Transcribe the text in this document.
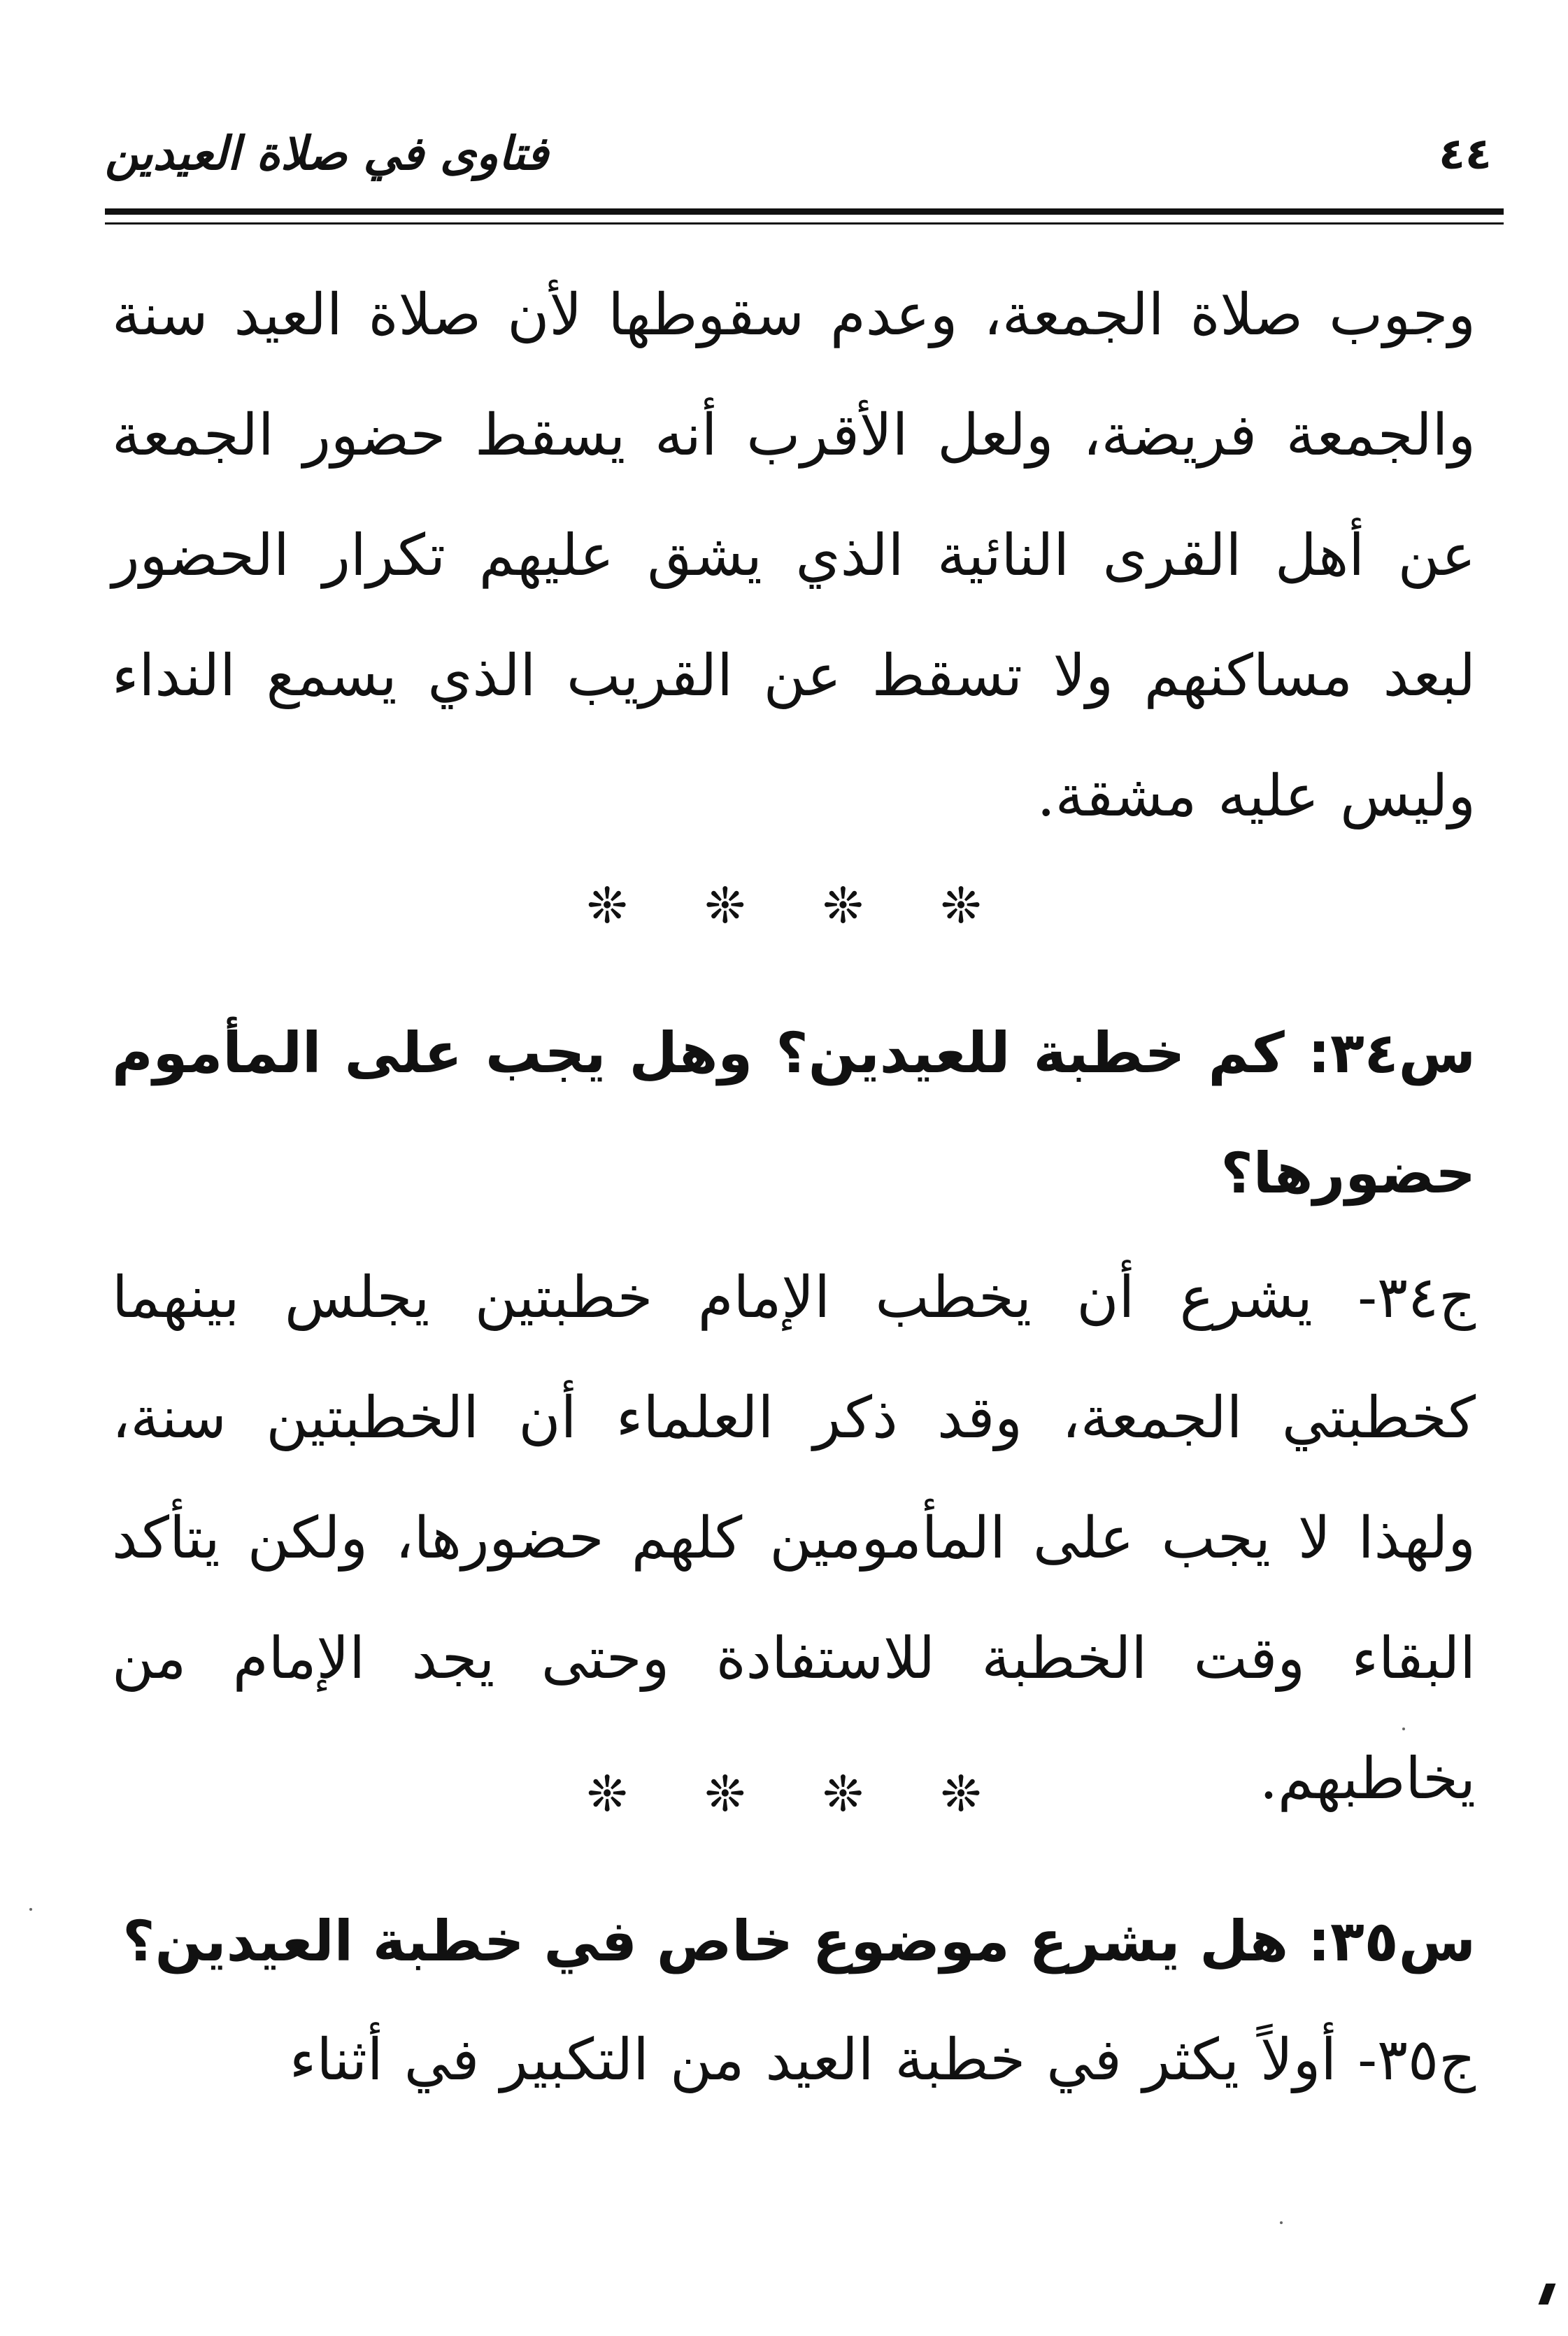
٤٤
فتاوى في صلاة العيدين
وجوب صلاة الجمعة، وعدم سقوطها لأن صلاة العيد سنة والجمعة فريضة، ولعل الأقرب أنه يسقط حضور الجمعة عن أهل القرى النائية الذي يشق عليهم تكرار الحضور لبعد مساكنهم ولا تسقط عن القريب الذي يسمع النداء وليس عليه مشقة.
❊❊❊❊
س٣٤: كم خطبة للعيدين؟ وهل يجب على المأموم حضورها؟
ج٣٤- يشرع أن يخطب الإمام خطبتين يجلس بينهما كخطبتي الجمعة، وقد ذكر العلماء أن الخطبتين سنة، ولهذا لا يجب على المأمومين كلهم حضورها، ولكن يتأكد البقاء وقت الخطبة للاستفادة وحتى يجد الإمام من يخاطبهم.
❊❊❊❊
س٣٥: هل يشرع موضوع خاص في خطبة العيدين؟
ج٣٥- أولاً يكثر في خطبة العيد من التكبير في أثناء
